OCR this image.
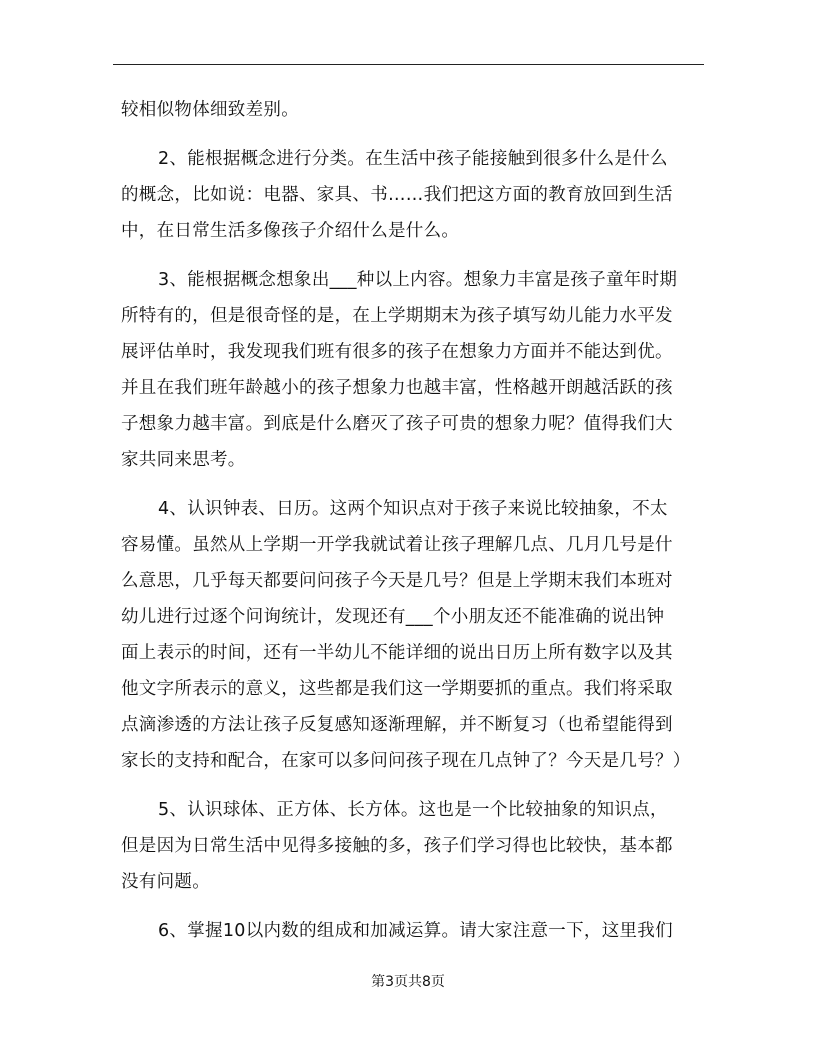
较相似物体细致差别。
2、能根据概念进行分类。在生活中孩子能接触到很多什么是什么
的概念，比如说：电器、家具、书……我们把这方面的教育放回到生活
中，在日常生活多像孩子介绍什么是什么。
3、能根据概念想象出___种以上内容。想象力丰富是孩子童年时期
所特有的，但是很奇怪的是，在上学期期末为孩子填写幼儿能力水平发
展评估单时，我发现我们班有很多的孩子在想象力方面并不能达到优。
并且在我们班年龄越小的孩子想象力也越丰富，性格越开朗越活跃的孩
子想象力越丰富。到底是什么磨灭了孩子可贵的想象力呢？值得我们大
家共同来思考。
4、认识钟表、日历。这两个知识点对于孩子来说比较抽象，不太
容易懂。虽然从上学期一开学我就试着让孩子理解几点、几月几号是什
么意思，几乎每天都要问问孩子今天是几号？但是上学期末我们本班对
幼儿进行过逐个问询统计，发现还有___个小朋友还不能准确的说出钟
面上表示的时间，还有一半幼儿不能详细的说出日历上所有数字以及其
他文字所表示的意义，这些都是我们这一学期要抓的重点。我们将采取
点滴渗透的方法让孩子反复感知逐渐理解，并不断复习（也希望能得到
家长的支持和配合，在家可以多问问孩子现在几点钟了？今天是几号？）
5、认识球体、正方体、长方体。这也是一个比较抽象的知识点，
但是因为日常生活中见得多接触的多，孩子们学习得也比较快，基本都
没有问题。
6、掌握10以内数的组成和加减运算。请大家注意一下，这里我们
第3页共8页
